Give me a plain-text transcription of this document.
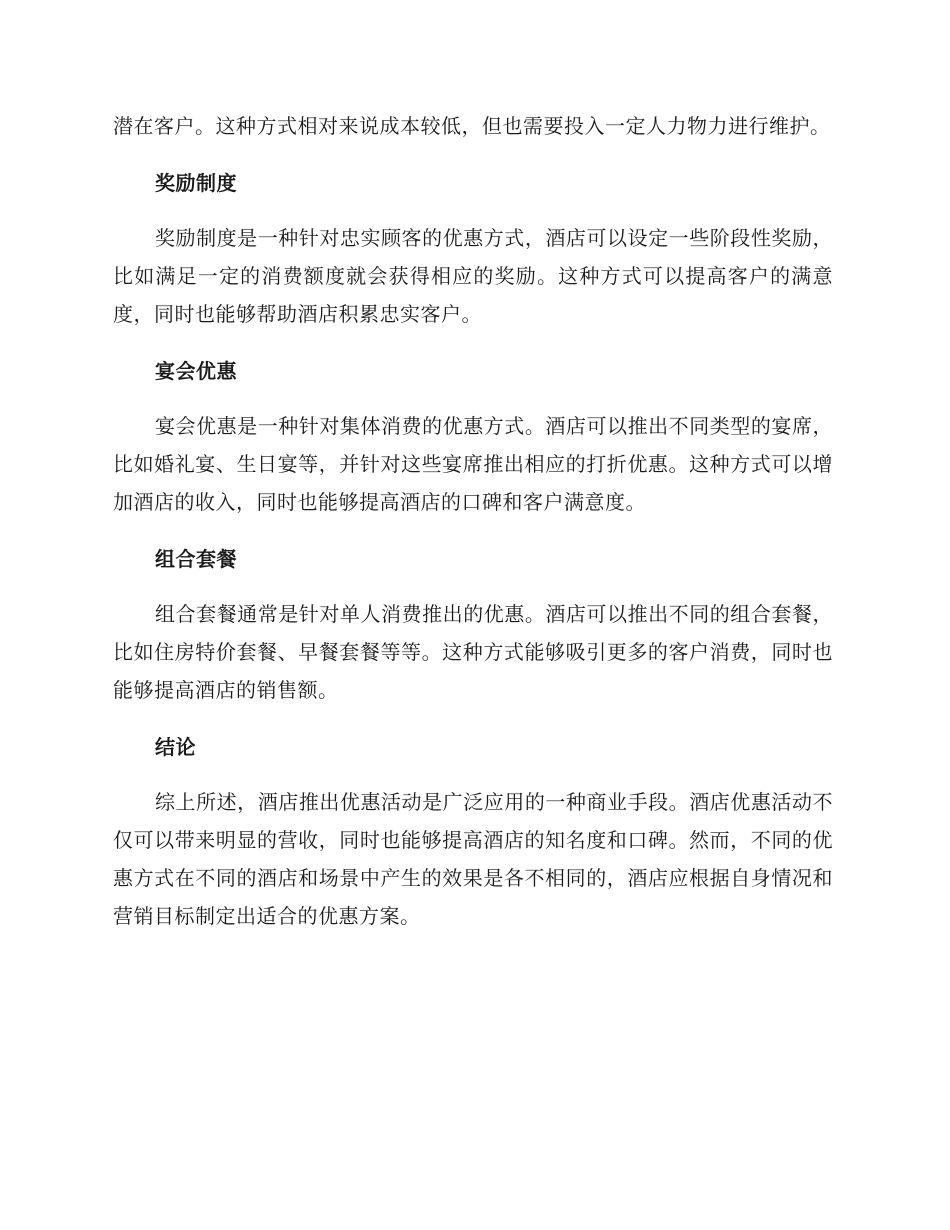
潜在客户。这种方式相对来说成本较低，但也需要投入一定人力物力进行维护。

奖励制度

奖励制度是一种针对忠实顾客的优惠方式，酒店可以设定一些阶段性奖励，比如满足一定的消费额度就会获得相应的奖励。这种方式可以提高客户的满意度，同时也能够帮助酒店积累忠实客户。

宴会优惠

宴会优惠是一种针对集体消费的优惠方式。酒店可以推出不同类型的宴席，比如婚礼宴、生日宴等，并针对这些宴席推出相应的打折优惠。这种方式可以增加酒店的收入，同时也能够提高酒店的口碑和客户满意度。

组合套餐

组合套餐通常是针对单人消费推出的优惠。酒店可以推出不同的组合套餐，比如住房特价套餐、早餐套餐等等。这种方式能够吸引更多的客户消费，同时也能够提高酒店的销售额。

结论

综上所述，酒店推出优惠活动是广泛应用的一种商业手段。酒店优惠活动不仅可以带来明显的营收，同时也能够提高酒店的知名度和口碑。然而，不同的优惠方式在不同的酒店和场景中产生的效果是各不相同的，酒店应根据自身情况和营销目标制定出适合的优惠方案。
